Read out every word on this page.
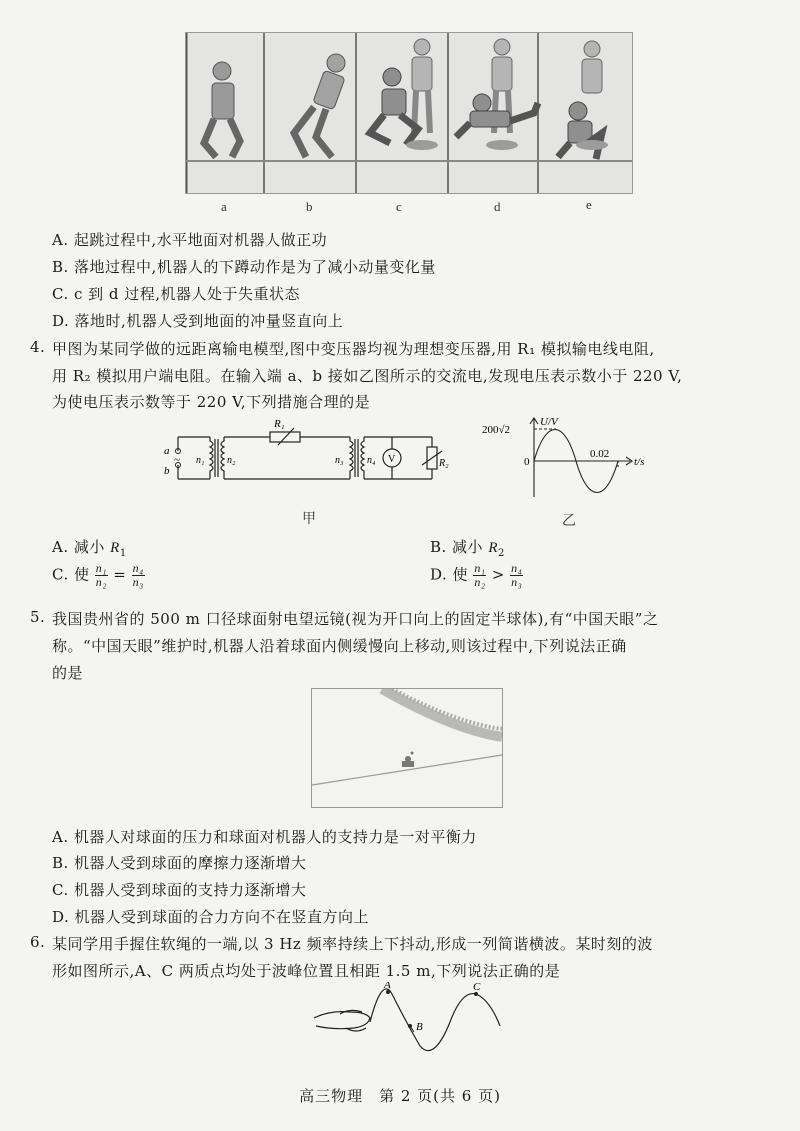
a	b	c	d	e
A. 起跳过程中,水平地面对机器人做正功
B. 落地过程中,机器人的下蹲动作是为了减小动量变化量
C. c 到 d 过程,机器人处于失重状态
D. 落地时,机器人受到地面的冲量竖直向上
4. 甲图为某同学做的远距离输电模型,图中变压器均视为理想变压器,用 R₁ 模拟输电线电阻,
用 R₂ 模拟用户端电阻。在输入端 a、b 接如乙图所示的交流电,发现电压表示数小于 220 V,
为使电压表示数等于 220 V,下列措施合理的是
a
b
~ n₁ n₂	n₃ n₄
R₁
R₂
V
甲
U/V
t/s
200√2
0
0.02
乙
A. 减小 $R_1$	B. 减小 $R_2$
C. 使 $\frac{\text{n₁}}{\text{n₂}} = \frac{\text{n₄}}{\text{n₃}}$	D. 使 $\frac{\text{n₁}}{\text{n₂}} > \frac{\text{n₄}}{\text{n₃}}$
5. 我国贵州省的 500 m 口径球面射电望远镜(视为开口向上的固定半球体),有“中国天眼”之
称。“中国天眼”维护时,机器人沿着球面内侧缓慢向上移动,则该过程中,下列说法正确
的是
A. 机器人对球面的压力和球面对机器人的支持力是一对平衡力
B. 机器人受到球面的摩擦力逐渐增大
C. 机器人受到球面的支持力逐渐增大
D. 机器人受到球面的合力方向不在竖直方向上
6. 某同学用手握住软绳的一端,以 3 Hz 频率持续上下抖动,形成一列简谐横波。某时刻的波
形如图所示,A、C 两质点均处于波峰位置且相距 1.5 m,下列说法正确的是
A
B
C
高三物理　第 2 页(共 6 页)
